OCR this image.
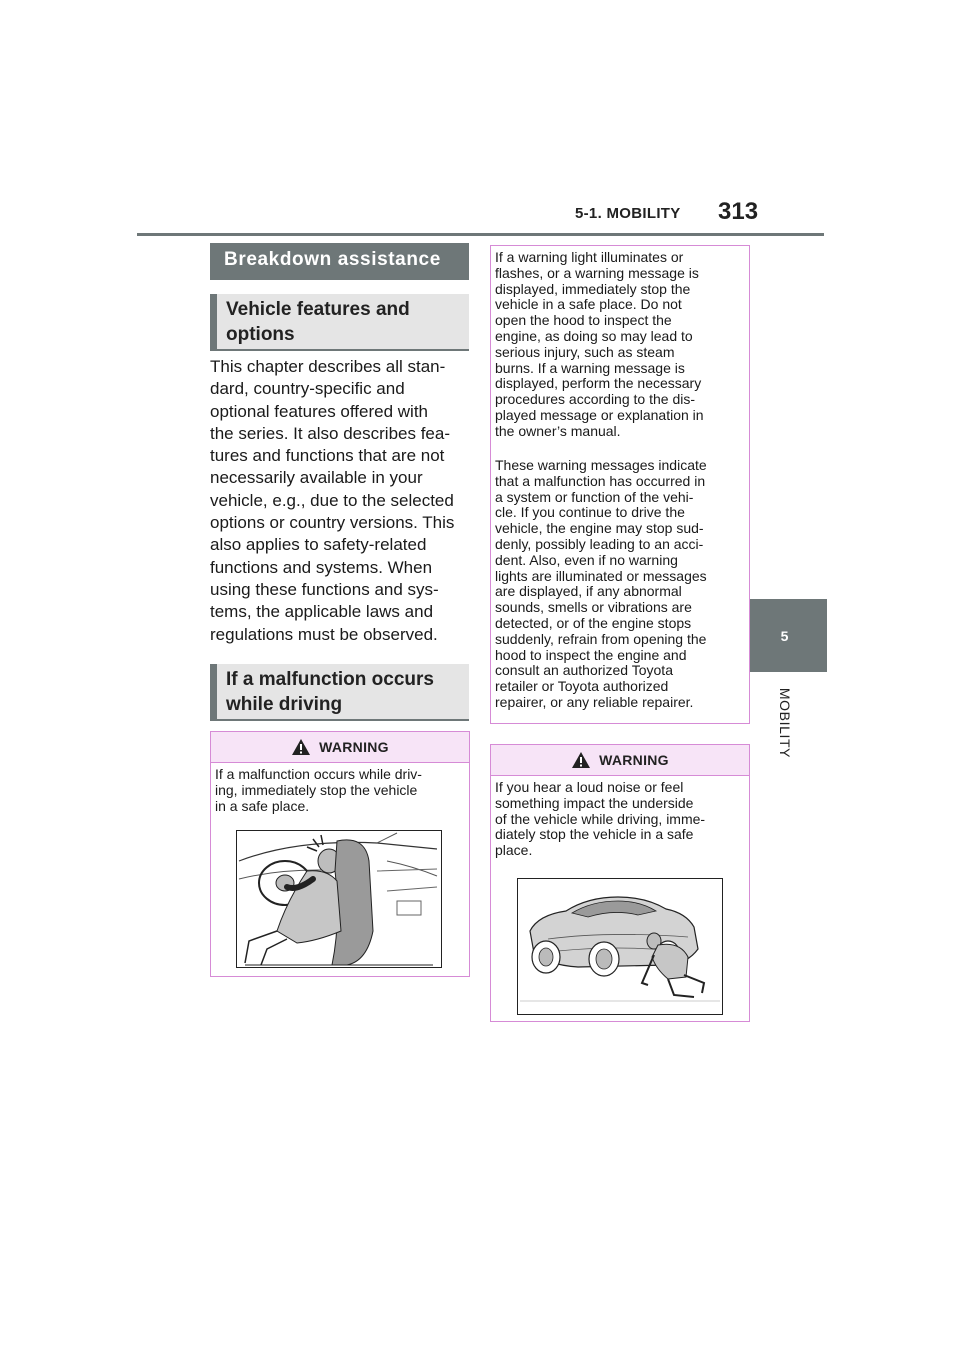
5-1. MOBILITY 313
5
MOBILITY
Breakdown assistance
Vehicle features and options
This chapter describes all stan-
dard, country-specific and
optional features offered with
the series. It also describes fea-
tures and functions that are not
necessarily available in your
vehicle, e.g., due to the selected
options or country versions. This
also applies to safety-related
functions and systems. When
using these functions and sys-
tems, the applicable laws and
regulations must be observed.
If a malfunction occurs while driving
WARNING
If a malfunction occurs while driv-
ing, immediately stop the vehicle
in a safe place.
If a warning light illuminates or
flashes, or a warning message is
displayed, immediately stop the
vehicle in a safe place. Do not
open the hood to inspect the
engine, as doing so may lead to
serious injury, such as steam
burns. If a warning message is
displayed, perform the necessary
procedures according to the dis-
played message or explanation in
the owner’s manual.
These warning messages indicate
that a malfunction has occurred in
a system or function of the vehi-
cle. If you continue to drive the
vehicle, the engine may stop sud-
denly, possibly leading to an acci-
dent. Also, even if no warning
lights are illuminated or messages
are displayed, if any abnormal
sounds, smells or vibrations are
detected, or of the engine stops
suddenly, refrain from opening the
hood to inspect the engine and
consult an authorized Toyota
retailer or Toyota authorized
repairer, or any reliable repairer.
WARNING
If you hear a loud noise or feel
something impact the underside
of the vehicle while driving, imme-
diately stop the vehicle in a safe
place.
